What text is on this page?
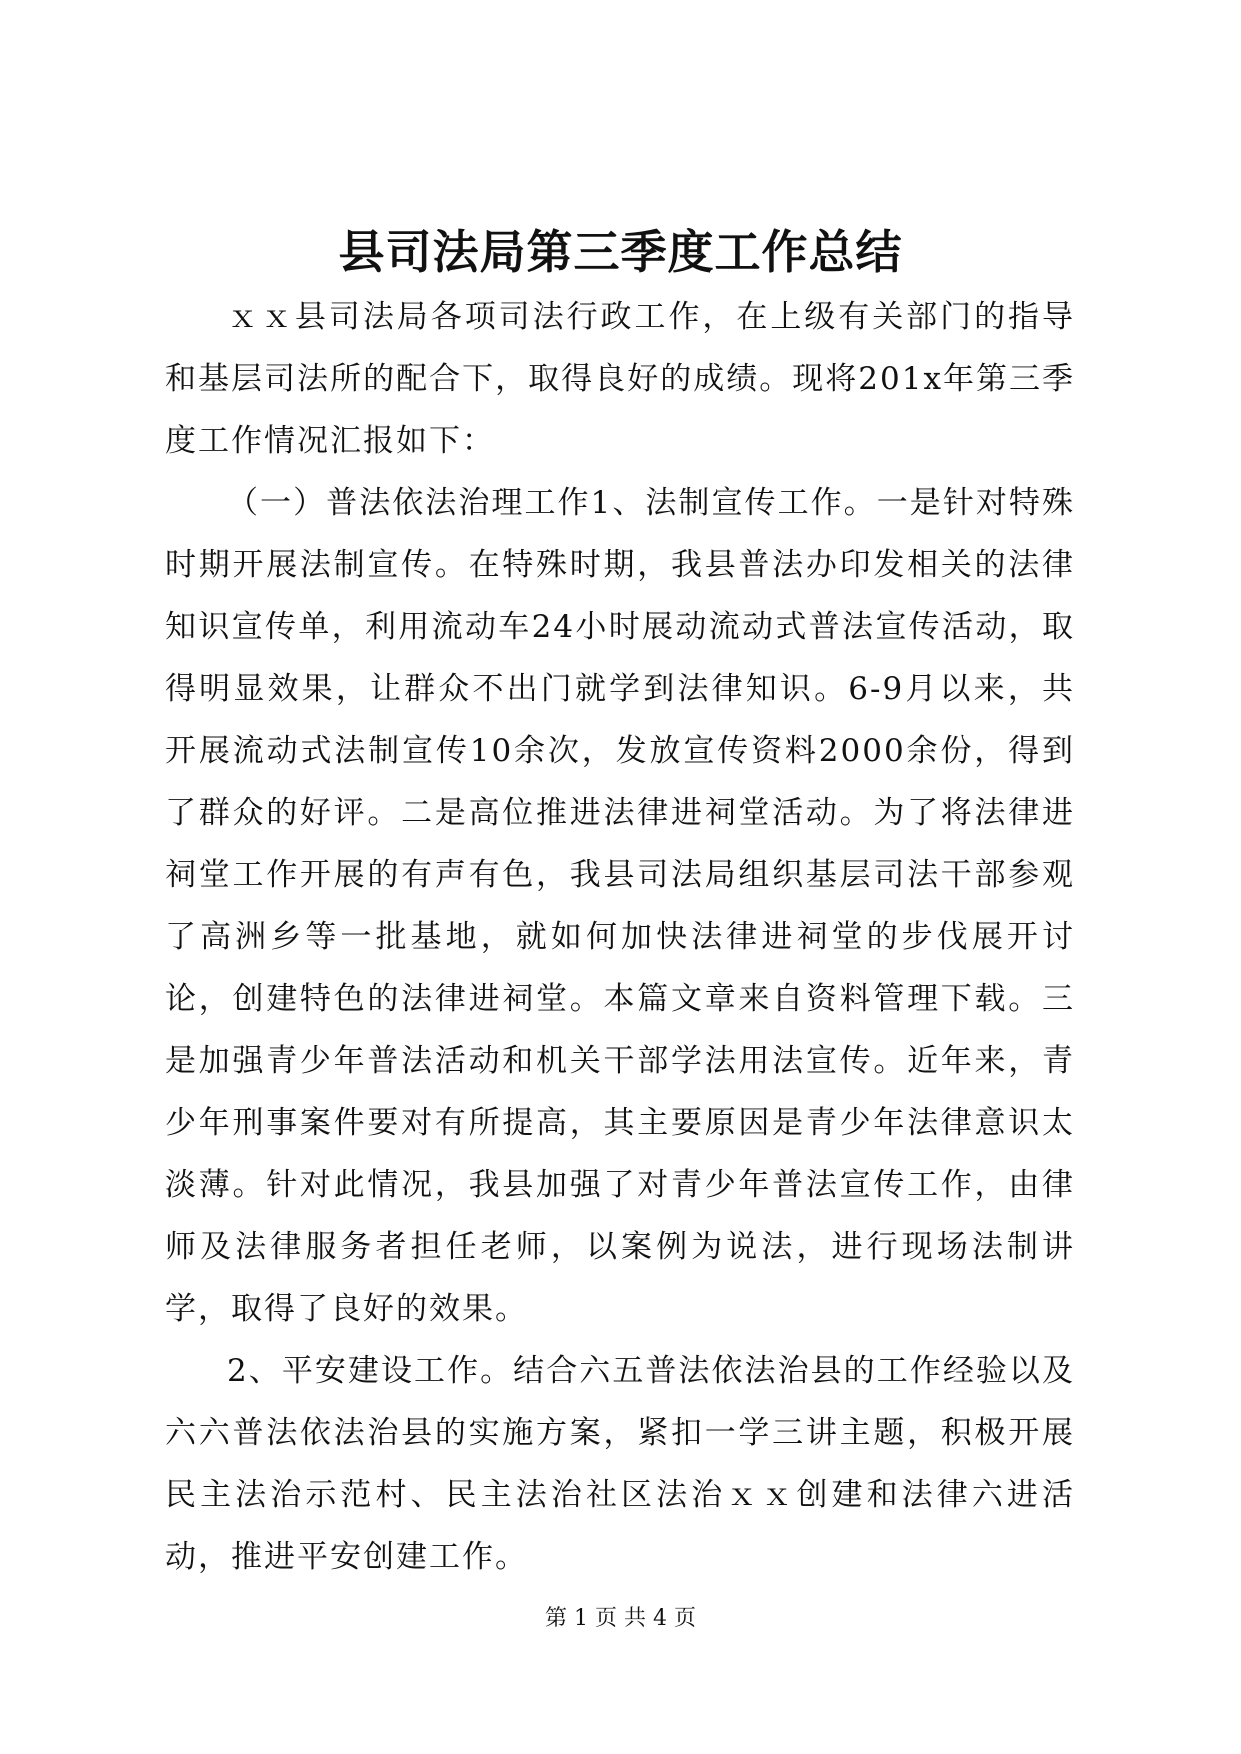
县司法局第三季度工作总结

ｘｘ县司法局各项司法行政工作，在上级有关部门的指导和基层司法所的配合下，取得良好的成绩。现将201x年第三季度工作情况汇报如下：

（一）普法依法治理工作1、法制宣传工作。一是针对特殊时期开展法制宣传。在特殊时期，我县普法办印发相关的法律知识宣传单，利用流动车24小时展动流动式普法宣传活动，取得明显效果，让群众不出门就学到法律知识。6-9月以来，共开展流动式法制宣传10余次，发放宣传资料2000余份，得到了群众的好评。二是高位推进法律进祠堂活动。为了将法律进祠堂工作开展的有声有色，我县司法局组织基层司法干部参观了高洲乡等一批基地，就如何加快法律进祠堂的步伐展开讨论，创建特色的法律进祠堂。本篇文章来自资料管理下载。三是加强青少年普法活动和机关干部学法用法宣传。近年来，青少年刑事案件要对有所提高，其主要原因是青少年法律意识太淡薄。针对此情况，我县加强了对青少年普法宣传工作，由律师及法律服务者担任老师，以案例为说法，进行现场法制讲学，取得了良好的效果。

2、平安建设工作。结合六五普法依法治县的工作经验以及六六普法依法治县的实施方案，紧扣一学三讲主题，积极开展民主法治示范村、民主法治社区法治ｘｘ创建和法律六进活动，推进平安创建工作。

第 1 页 共 4 页
